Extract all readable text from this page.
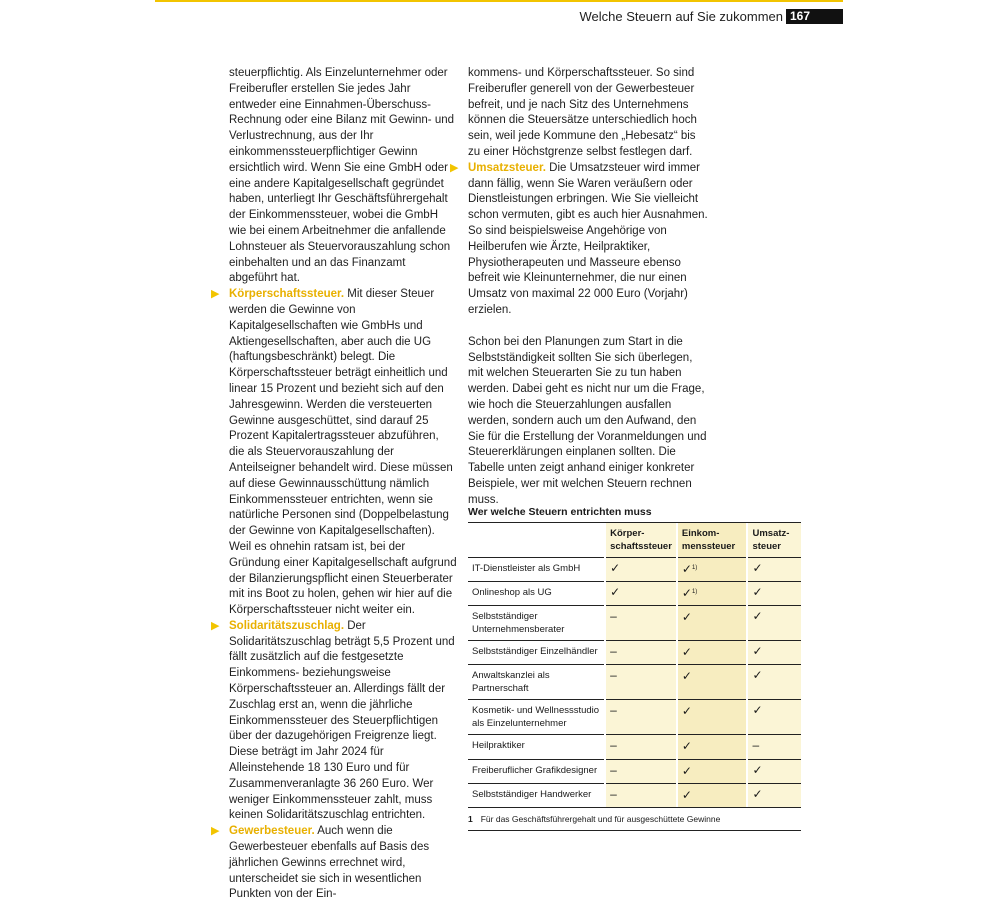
Welche Steuern auf Sie zukommen 167

steuerpflichtig. Als Einzelunternehmer oder Freiberufler erstellen Sie jedes Jahr entweder eine Einnahmen-Überschuss-Rechnung oder eine Bilanz mit Gewinn- und Verlustrechnung, aus der Ihr einkommenssteuerpflichtiger Gewinn ersichtlich wird. Wenn Sie eine GmbH oder eine andere Kapitalgesellschaft gegründet haben, unterliegt Ihr Geschäftsführergehalt der Einkommenssteuer, wobei die GmbH wie bei einem Arbeitnehmer die anfallende Lohnsteuer als Steuervorauszahlung schon einbehalten und an das Finanzamt abgeführt hat.

▶ Körperschaftssteuer. Mit dieser Steuer werden die Gewinne von Kapitalgesellschaften wie GmbHs und Aktiengesellschaften, aber auch die UG (haftungsbeschränkt) belegt. Die Körperschaftssteuer beträgt einheitlich und linear 15 Prozent und bezieht sich auf den Jahresgewinn. Werden die versteuerten Gewinne ausgeschüttet, sind darauf 25 Prozent Kapitalertragssteuer abzuführen, die als Steuervorauszahlung der Anteilseigner behandelt wird. Diese müssen auf diese Gewinnausschüttung nämlich Einkommenssteuer entrichten, wenn sie natürliche Personen sind (Doppelbelastung der Gewinne von Kapitalgesellschaften). Weil es ohnehin ratsam ist, bei der Gründung einer Kapitalgesellschaft aufgrund der Bilanzierungspflicht einen Steuerberater mit ins Boot zu holen, gehen wir hier auf die Körperschaftssteuer nicht weiter ein.

▶ Solidaritätszuschlag. Der Solidaritätszuschlag beträgt 5,5 Prozent und fällt zusätzlich auf die festgesetzte Einkommens- beziehungsweise Körperschaftssteuer an. Allerdings fällt der Zuschlag erst an, wenn die jährliche Einkommenssteuer des Steuerpflichtigen über der dazugehörigen Freigrenze liegt. Diese beträgt im Jahr 2024 für Alleinstehende 18 130 Euro und für Zusammenveranlagte 36 260 Euro. Wer weniger Einkommenssteuer zahlt, muss keinen Solidaritätszuschlag entrichten.

▶ Gewerbesteuer. Auch wenn die Gewerbesteuer ebenfalls auf Basis des jährlichen Gewinns errechnet wird, unterscheidet sie sich in wesentlichen Punkten von der Ein-

kommens- und Körperschaftssteuer. So sind Freiberufler generell von der Gewerbesteuer befreit, und je nach Sitz des Unternehmens können die Steuersätze unterschiedlich hoch sein, weil jede Kommune den „Hebesatz“ bis zu einer Höchstgrenze selbst festlegen darf.

▶ Umsatzsteuer. Die Umsatzsteuer wird immer dann fällig, wenn Sie Waren veräußern oder Dienstleistungen erbringen. Wie Sie vielleicht schon vermuten, gibt es auch hier Ausnahmen. So sind beispielsweise Angehörige von Heilberufen wie Ärzte, Heilpraktiker, Physiotherapeuten und Masseure ebenso befreit wie Kleinunternehmer, die nur einen Umsatz von maximal 22 000 Euro (Vorjahr) erzielen.

Schon bei den Planungen zum Start in die Selbstständigkeit sollten Sie sich überlegen, mit welchen Steuerarten Sie zu tun haben werden. Dabei geht es nicht nur um die Frage, wie hoch die Steuerzahlungen ausfallen werden, sondern auch um den Aufwand, den Sie für die Erstellung der Voranmeldungen und Steuererklärungen einplanen sollten. Die Tabelle unten zeigt anhand einiger konkreter Beispiele, wer mit welchen Steuern rechnen muss.

Wer welche Steuern entrichten muss
	Körper-schaftssteuer	Einkom-menssteuer	Umsatz-steuer
IT-Dienstleister als GmbH	✓	✓$^{1)}$	✓
Onlineshop als UG	✓	✓$^{1)}$	✓
Selbstständiger Unternehmensberater	–	✓	✓
Selbstständiger Einzelhändler	–	✓	✓
Anwaltskanzlei als Partnerschaft	–	✓	✓
Kosmetik- und Wellnessstudio als Einzelunternehmer	–	✓	✓
Heilpraktiker	–	✓	–
Freiberuflicher Grafikdesigner	–	✓	✓
Selbstständiger Handwerker	–	✓	✓
1 Für das Geschäftsführergehalt und für ausgeschüttete Gewinne
